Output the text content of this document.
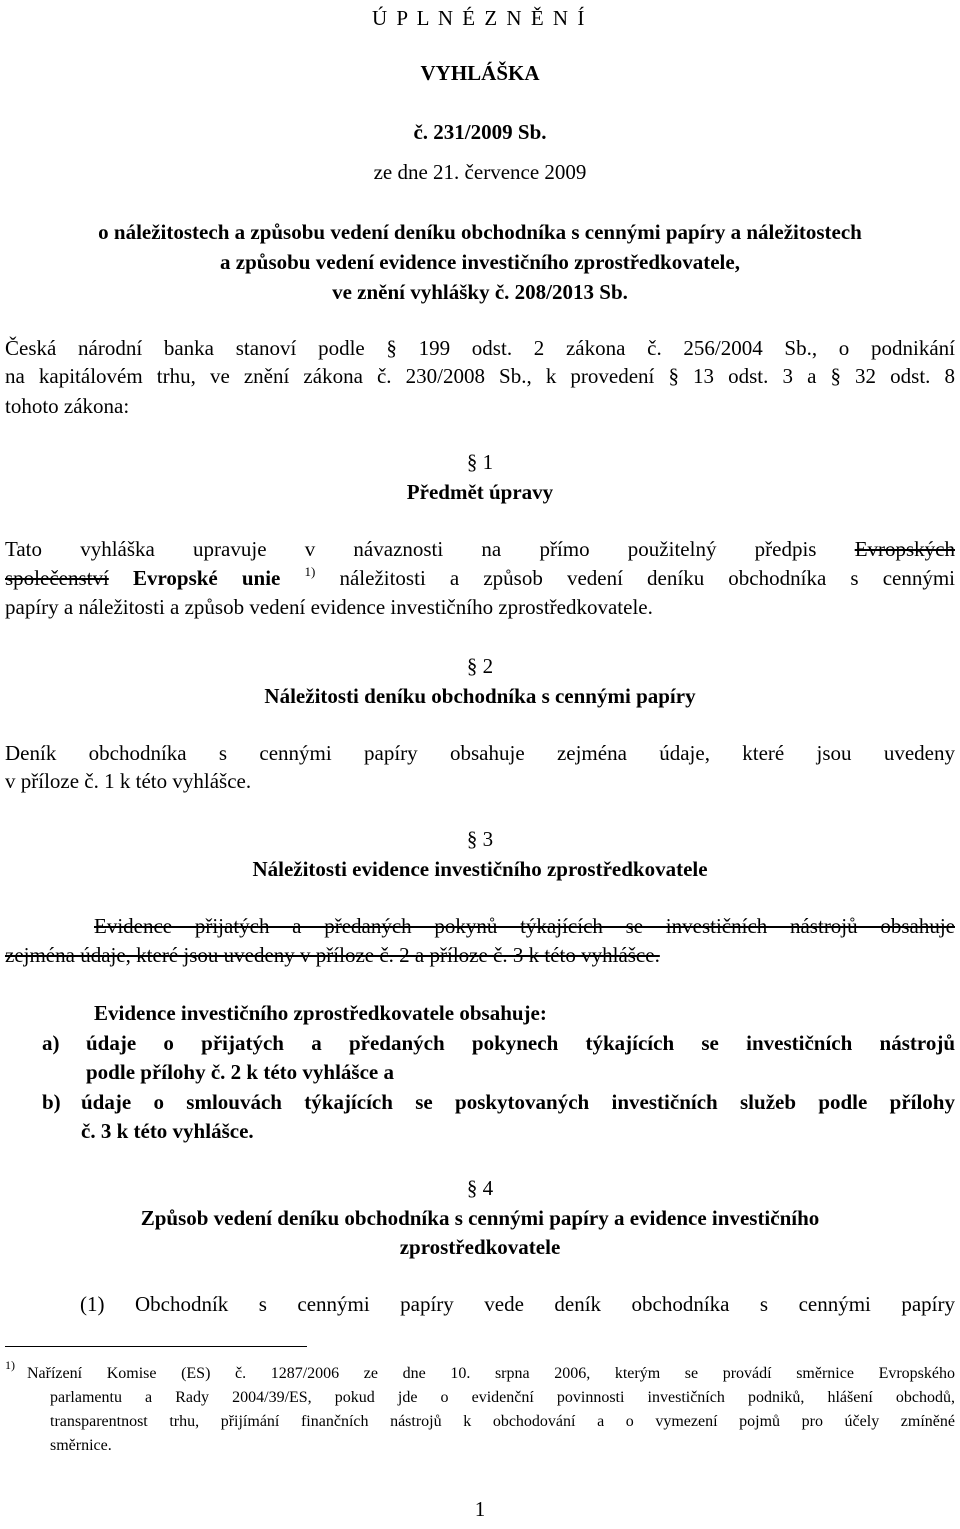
Ú P L N É Z N Ě N Í
VYHLÁŠKA
č. 231/2009 Sb.
ze dne 21. července 2009
o náležitostech a způsobu vedení deníku obchodníka s cennými papíry a náležitostech
a způsobu vedení evidence investičního zprostředkovatele,
ve znění vyhlášky č. 208/2013 Sb.
Česká národní banka stanoví podle § 199 odst. 2 zákona č. 256/2004 Sb., o podnikání
na kapitálovém trhu, ve znění zákona č. 230/2008 Sb., k provedení § 13 odst. 3 a § 32 odst. 8
tohoto zákona:
§ 1
Předmět úpravy
Tato vyhláška upravuje v návaznosti na přímo použitelný předpis Evropských
společenství Evropské unie $^{1)}$ náležitosti a způsob vedení deníku obchodníka s cennými
papíry a náležitosti a způsob vedení evidence investičního zprostředkovatele.
§ 2
Náležitosti deníku obchodníka s cennými papíry
Deník obchodníka s cennými papíry obsahuje zejména údaje, které jsou uvedeny
v příloze č. 1 k této vyhlášce.
§ 3
Náležitosti evidence investičního zprostředkovatele
Evidence přijatých a předaných pokynů týkajících se investičních nástrojů obsahuje
zejména údaje, které jsou uvedeny v příloze č. 2 a příloze č. 3 k této vyhlášce.
Evidence investičního zprostředkovatele obsahuje:
a) údaje o přijatých a předaných pokynech týkajících se investičních nástrojů
podle přílohy č. 2 k této vyhlášce a
b) údaje o smlouvách týkajících se poskytovaných investičních služeb podle přílohy
č. 3 k této vyhlášce.
§ 4
Způsob vedení deníku obchodníka s cennými papíry a evidence investičního
zprostředkovatele
(1) Obchodník s cennými papíry vede deník obchodníka s cennými papíry
1) Nařízení Komise (ES) č. 1287/2006 ze dne 10. srpna 2006, kterým se provádí směrnice Evropského
parlamentu a Rady 2004/39/ES, pokud jde o evidenční povinnosti investičních podniků, hlášení obchodů,
transparentnost trhu, přijímání finančních nástrojů k obchodování a o vymezení pojmů pro účely zmíněné
směrnice.
1
